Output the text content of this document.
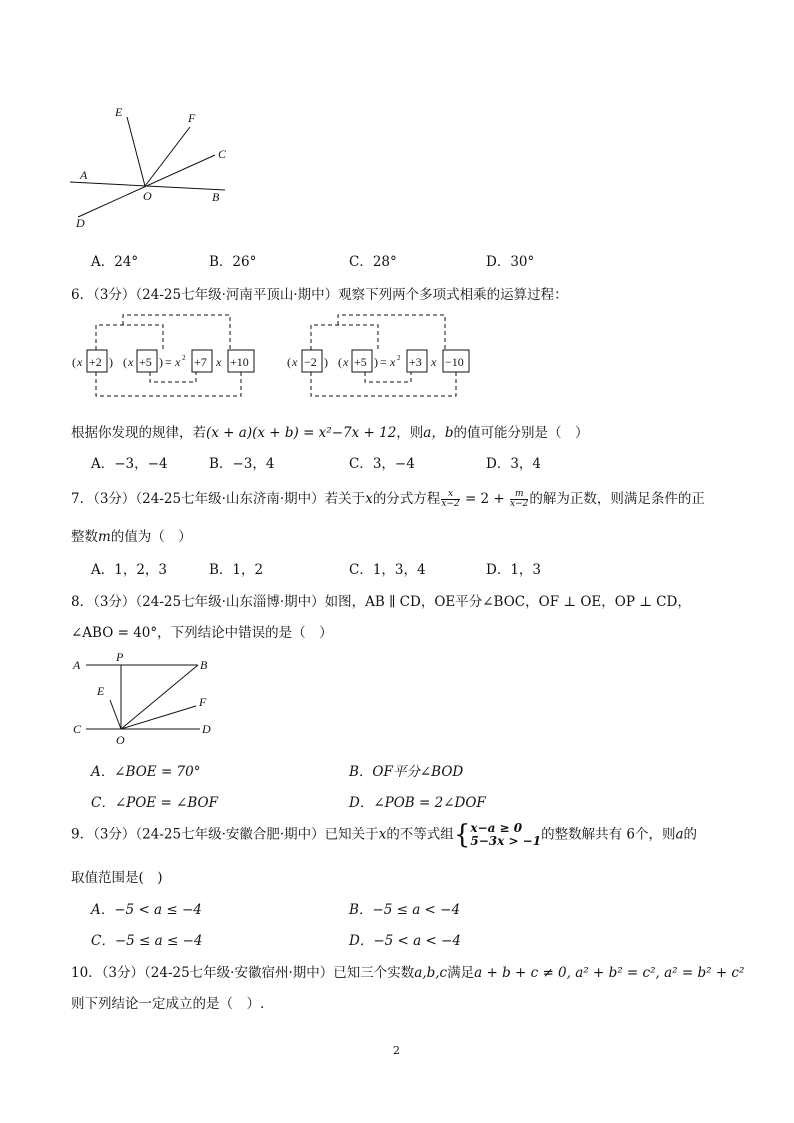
E	F
C
A
O	B
D
A．24°	B．26°	C．28°	D．30°
6．（3分）（24-25七年级·河南平顶山·期中）观察下列两个多项式相乘的运算过程：
( x +2 ) ( x +5 ) = x 2 +7 x +10	( x −2 ) ( x +5 ) = x 2 +3 x −10
根据你发现的规律，若(x + a)(x + b) = x²−7x + 12，则a，b的值可能分别是（　）
A．−3，−4	B．−3，4	C．3，−4	D．3，4
7．（3分）（24-25七年级·山东济南·期中）若关于x的分式方程 $\frac{x}{x-2} = 2 + \frac{m}{x-2}$ 的解为正数，则满足条件的正
整数m的值为（　）
A．1，2，3	B．1，2	C．1，3，4	D．1，3
8．（3分）（24-25七年级·山东淄博·期中）如图，AB ∥ CD，OE平分∠BOC，OF ⊥ OE，OP ⊥ CD，
∠ABO = 40°，下列结论中错误的是（　）
A
P
B
E
F
C
O
D
A．∠BOE = 70°	B．OF平分∠BOD
C．∠POE = ∠BOF	D．∠POB = 2∠DOF
9．（3分）（24-25七年级·安徽合肥·期中）已知关于x的不等式组{ x−a ≥ 0
5−3x > −1 的整数解共有 6个，则a的
取值范围是(　)
A．−5 < a ≤ −4	B．−5 ≤ a < −4
C．−5 ≤ a ≤ −4	D．−5 < a < −4
10．（3分）（24-25七年级·安徽宿州·期中）已知三个实数a,b,c满足a + b + c ≠ 0, a² + b² = c², a² = b² + c²
则下列结论一定成立的是（　）.
2
